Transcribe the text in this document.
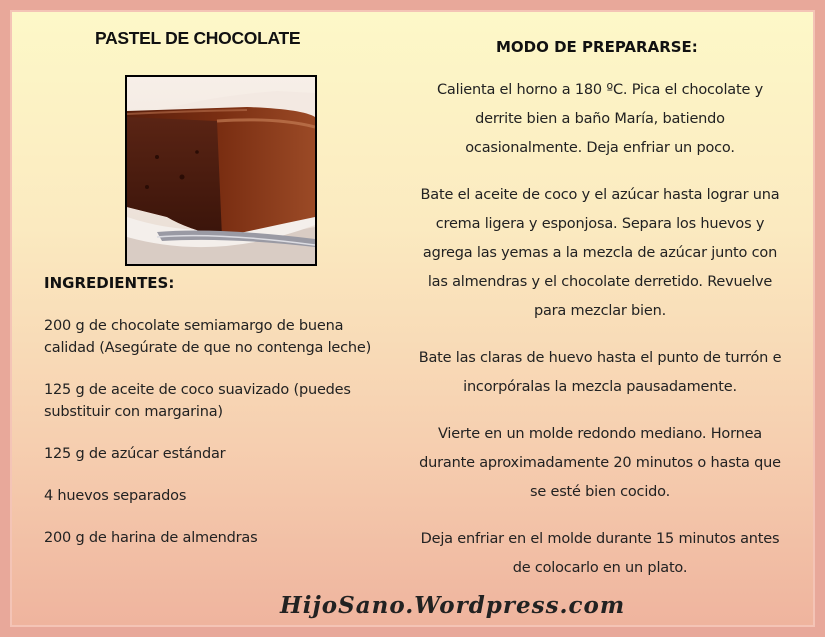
PASTEL DE CHOCOLATE
INGREDIENTES:
200 g de chocolate semiamargo de buena calidad (Asegúrate de que no contenga leche)
125 g de aceite de coco suavizado (puedes substituir con margarina)
125 g de azúcar estándar
4 huevos separados
200 g de harina de almendras
MODO DE PREPARARSE:

Calienta el horno a 180 ºC. Pica el chocolate y derrite bien a baño María, batiendo ocasionalmente. Deja enfriar un poco.

Bate el aceite de coco y el azúcar hasta lograr una crema ligera y esponjosa. Separa los huevos y agrega las yemas a la mezcla de azúcar junto con las almendras y el chocolate derretido. Revuelve para mezclar bien.

Bate las claras de huevo hasta el punto de turrón e incorpóralas la mezcla pausadamente.

Vierte en un molde redondo mediano. Hornea durante aproximadamente 20 minutos o hasta que se esté bien cocido.

Deja enfriar en el molde durante 15 minutos antes de colocarlo en un plato.

HijoSano.Wordpress.com
